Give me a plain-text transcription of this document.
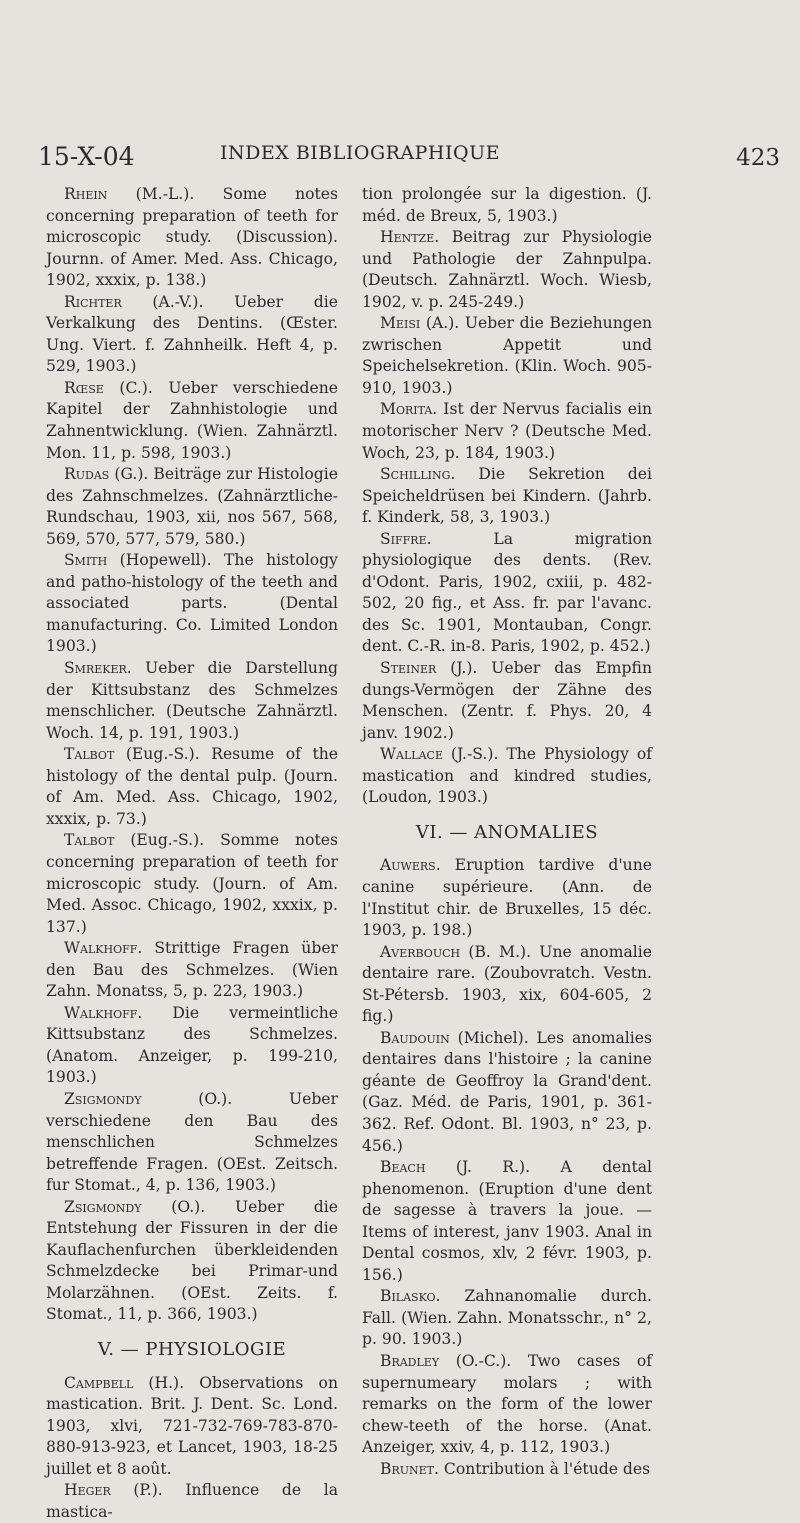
15-X-04	INDEX BIBLIOGRAPHIQUE	423

Rhein (M.-L.). Some notes concerning preparation of teeth for microscopic study. (Discussion). Journn. of Amer. Med. Ass. Chicago, 1902, xxxix, p. 138.)

Richter (A.-V.). Ueber die Verkalkung des Dentins. (Œster. Ung. Viert. f. Zahnheilk. Heft 4, p. 529, 1903.)

Rœse (C.). Ueber verschiedene Kapitel der Zahnhistologie und Zahnentwicklung. (Wien. Zahnärztl. Mon. 11, p. 598, 1903.)

Rudas (G.). Beiträge zur Histologie des Zahnschmelzes. (Zahnärztliche-Rundschau, 1903, xii, nos 567, 568, 569, 570, 577, 579, 580.)

Smith (Hopewell). The histology and patho-histology of the teeth and associated parts. (Dental manufacturing. Co. Limited London 1903.)

Smreker. Ueber die Darstellung der Kittsubstanz des Schmelzes menschlicher. (Deutsche Zahnärztl. Woch. 14, p. 191, 1903.)

Talbot (Eug.-S.). Resume of the histology of the dental pulp. (Journ. of Am. Med. Ass. Chicago, 1902, xxxix, p. 73.)

Talbot (Eug.-S.). Somme notes concerning preparation of teeth for microscopic study. (Journ. of Am. Med. Assoc. Chicago, 1902, xxxix, p. 137.)

Walkhoff. Strittige Fragen über den Bau des Schmelzes. (Wien Zahn. Monatss, 5, p. 223, 1903.)

Walkhoff. Die vermeintliche Kittsubstanz des Schmelzes. (Anatom. Anzeiger, p. 199-210, 1903.)

Zsigmondy (O.). Ueber verschiedene den Bau des menschlichen Schmelzes betreffende Fragen. (OEst. Zeitsch. fur Stomat., 4, p. 136, 1903.)

Zsigmondy (O.). Ueber die Entstehung der Fissuren in der die Kauflachenfurchen überkleidenden Schmelzdecke bei Primar-und Molarzähnen. (OEst. Zeits. f. Stomat., 11, p. 366, 1903.)

V. — PHYSIOLOGIE

Campbell (H.). Observations on mastication. Brit. J. Dent. Sc. Lond. 1903, xlvi, 721-732-769-783-870-880-913-923, et Lancet, 1903, 18-25 juillet et 8 août.

Heger (P.). Influence de la mastica-

tion prolongée sur la digestion. (J. méd. de Breux, 5, 1903.)

Hentze. Beitrag zur Physiologie und Pathologie der Zahnpulpa. (Deutsch. Zahnärztl. Woch. Wiesb, 1902, v. p. 245-249.)

Meisi (A.). Ueber die Beziehungen zwrischen Appetit und Speichelsekretion. (Klin. Woch. 905-910, 1903.)

Morita. Ist der Nervus facialis ein motorischer Nerv ? (Deutsche Med. Woch, 23, p. 184, 1903.)

Schilling. Die Sekretion dei Speicheldrüsen bei Kindern. (Jahrb. f. Kinderk, 58, 3, 1903.)

Siffre. La migration physiologique des dents. (Rev. d'Odont. Paris, 1902, cxiii, p. 482-502, 20 fig., et Ass. fr. par l'avanc. des Sc. 1901, Montauban, Congr. dent. C.-R. in-8. Paris, 1902, p. 452.)

Steiner (J.). Ueber das Empfin dungs-Vermögen der Zähne des Menschen. (Zentr. f. Phys. 20, 4 janv. 1902.)

Wallace (J.-S.). The Physiology of mastication and kindred studies, (Loudon, 1903.)

VI. — ANOMALIES

Auwers. Eruption tardive d'une canine supérieure. (Ann. de l'Institut chir. de Bruxelles, 15 déc. 1903, p. 198.)

Averbouch (B. M.). Une anomalie dentaire rare. (Zoubovratch. Vestn. St-Pétersb. 1903, xix, 604-605, 2 fig.)

Baudouin (Michel). Les anomalies dentaires dans l'histoire ; la canine géante de Geoffroy la Grand'dent. (Gaz. Méd. de Paris, 1901, p. 361-362. Ref. Odont. Bl. 1903, n° 23, p. 456.)

Beach (J. R.). A dental phenomenon. (Eruption d'une dent de sagesse à travers la joue. — Items of interest, janv 1903. Anal in Dental cosmos, xlv, 2 févr. 1903, p. 156.)

Bilasko. Zahnanomalie durch. Fall. (Wien. Zahn. Monatsschr., n° 2, p. 90. 1903.)

Bradley (O.-C.). Two cases of supernumeary molars ; with remarks on the form of the lower chew-teeth of the horse. (Anat. Anzeiger, xxiv, 4, p. 112, 1903.)

Brunet. Contribution à l'étude des
